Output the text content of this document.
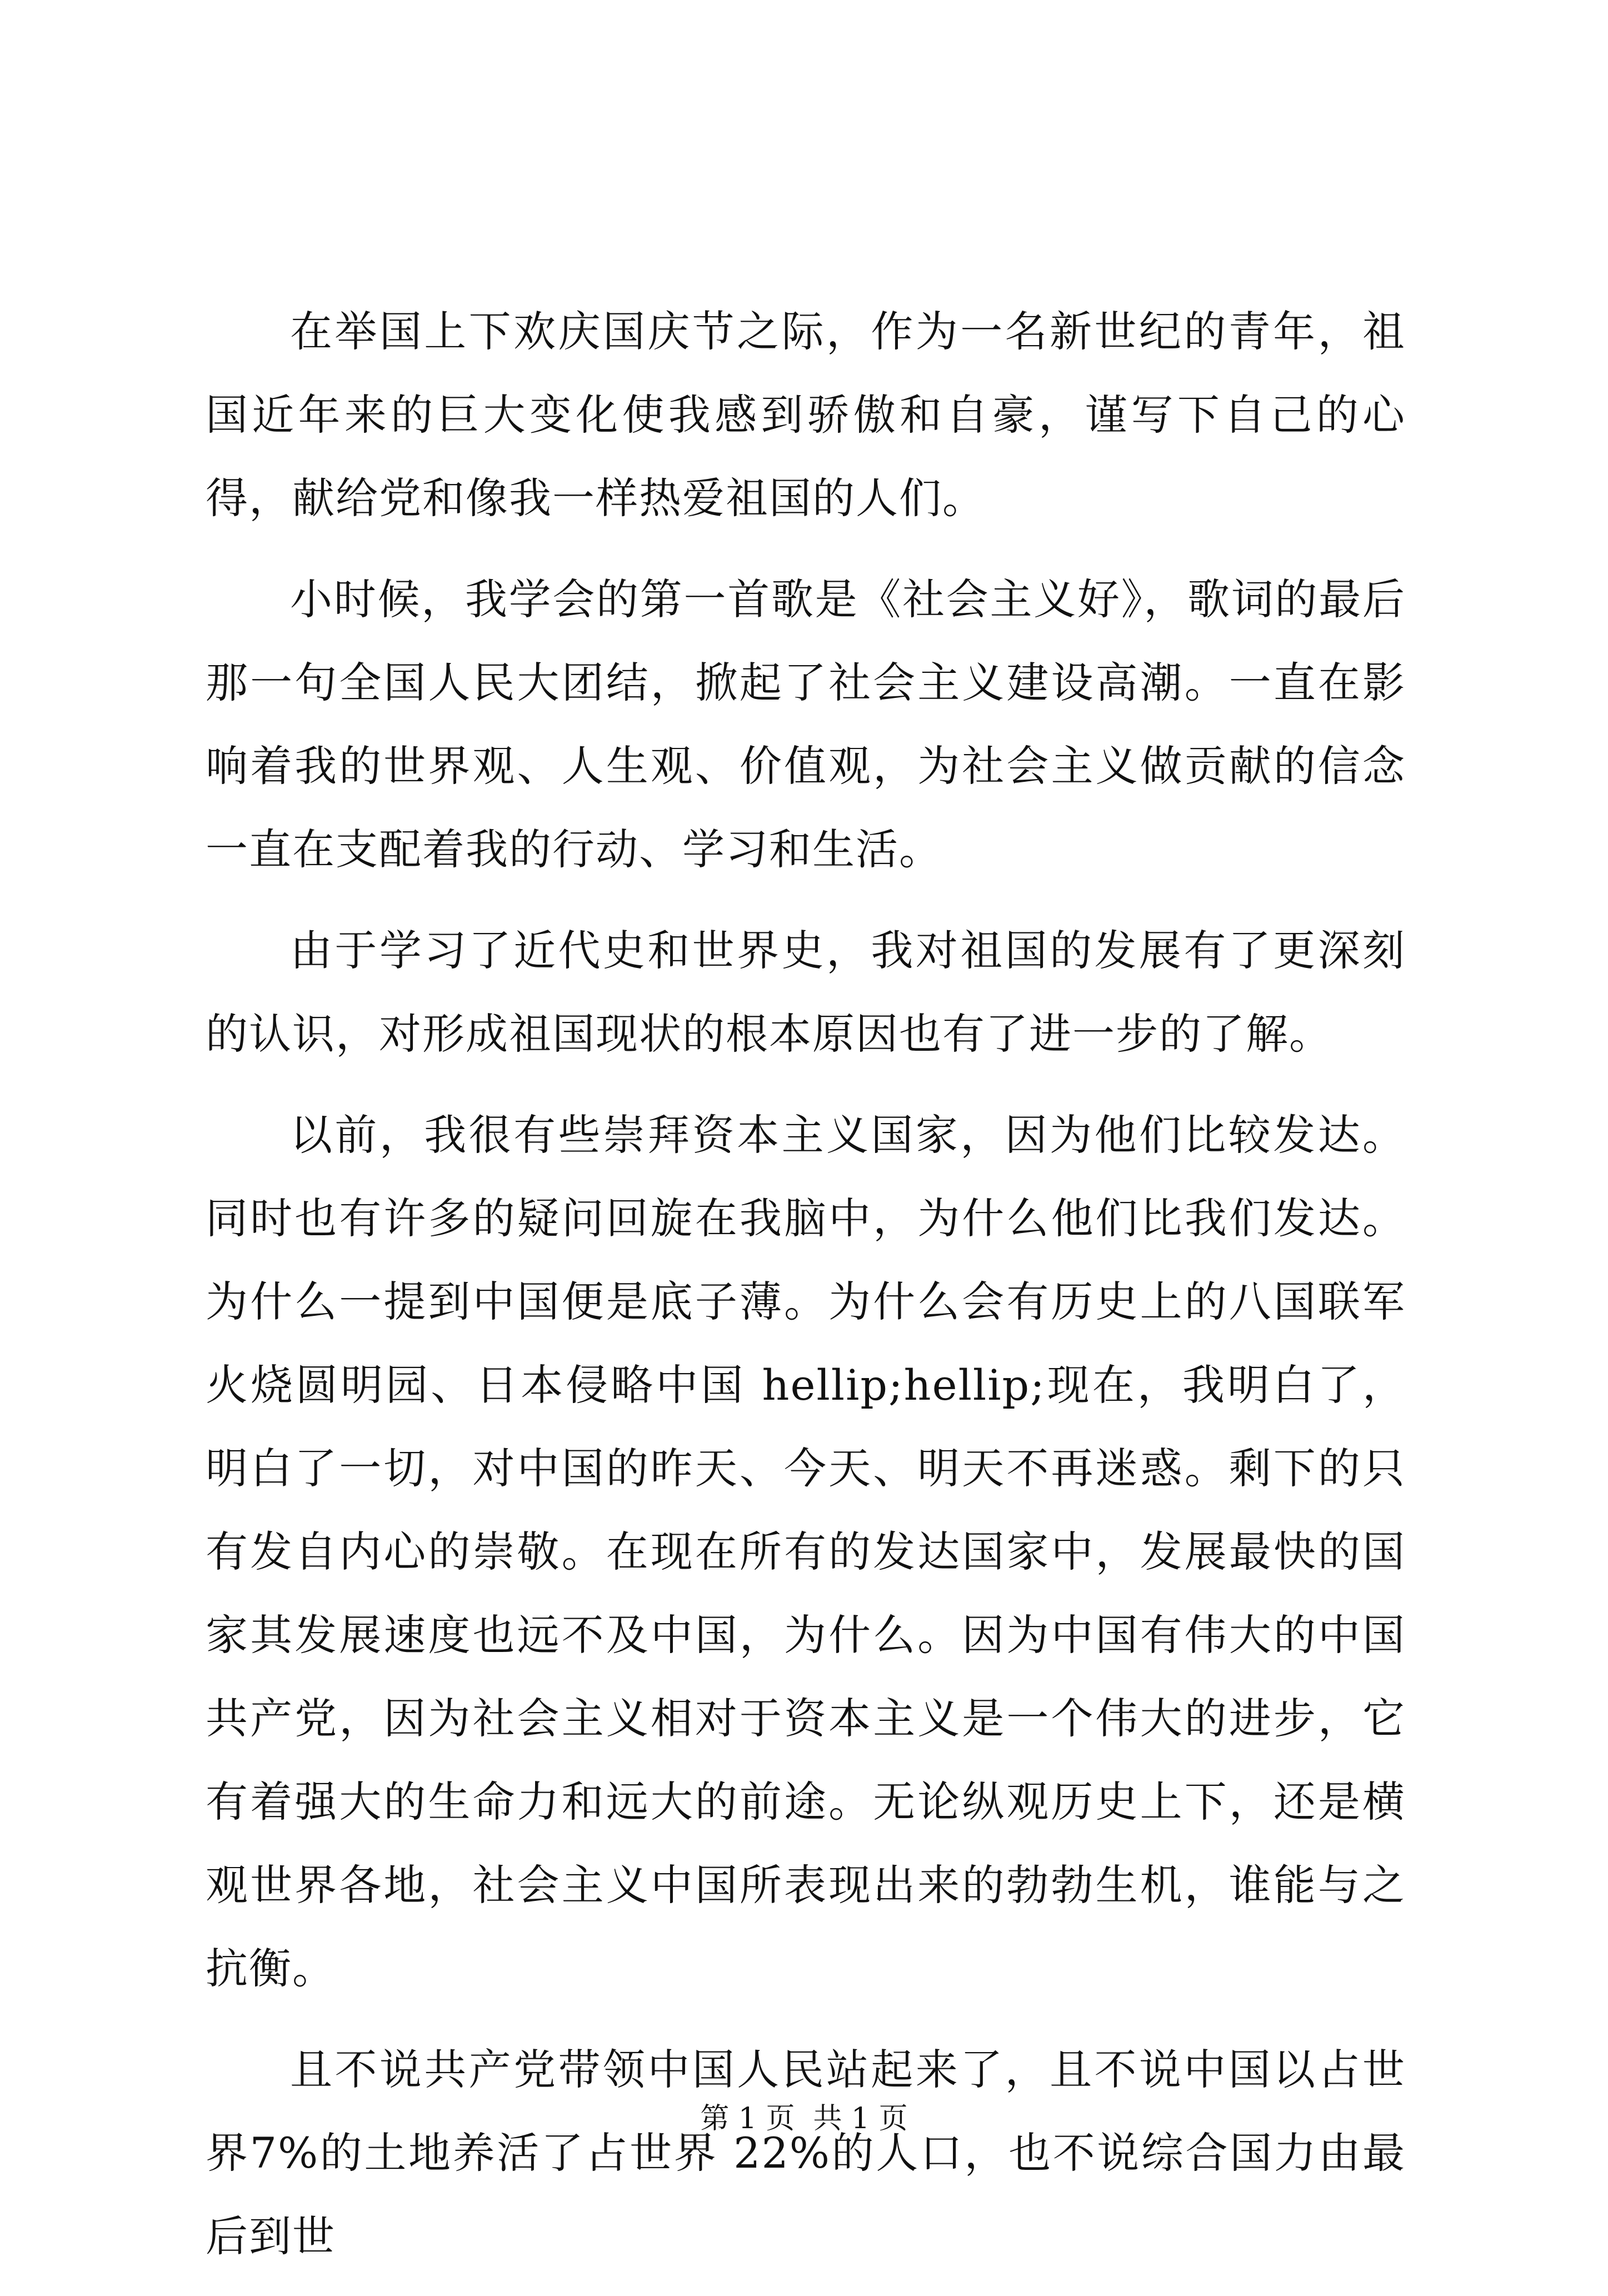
在举国上下欢庆国庆节之际，作为一名新世纪的青年，祖国近年来的巨大变化使我感到骄傲和自豪，谨写下自己的心得，献给党和像我一样热爱祖国的人们。

小时候，我学会的第一首歌是《社会主义好》，歌词的最后那一句全国人民大团结，掀起了社会主义建设高潮。一直在影响着我的世界观、人生观、价值观，为社会主义做贡献的信念一直在支配着我的行动、学习和生活。

由于学习了近代史和世界史，我对祖国的发展有了更深刻的认识，对形成祖国现状的根本原因也有了进一步的了解。

以前，我很有些崇拜资本主义国家，因为他们比较发达。同时也有许多的疑问回旋在我脑中，为什么他们比我们发达。为什么一提到中国便是底子薄。为什么会有历史上的八国联军火烧圆明园、日本侵略中国 hellip;hellip;现在，我明白了，明白了一切，对中国的昨天、今天、明天不再迷惑。剩下的只有发自内心的崇敬。在现在所有的发达国家中，发展最快的国家其发展速度也远不及中国，为什么。因为中国有伟大的中国共产党，因为社会主义相对于资本主义是一个伟大的进步，它有着强大的生命力和远大的前途。无论纵观历史上下，还是横观世界各地，社会主义中国所表现出来的勃勃生机，谁能与之抗衡。

且不说共产党带领中国人民站起来了，且不说中国以占世界7%的土地养活了占世界 22%的人口，也不说综合国力由最后到世

第 1 页  共 1 页
